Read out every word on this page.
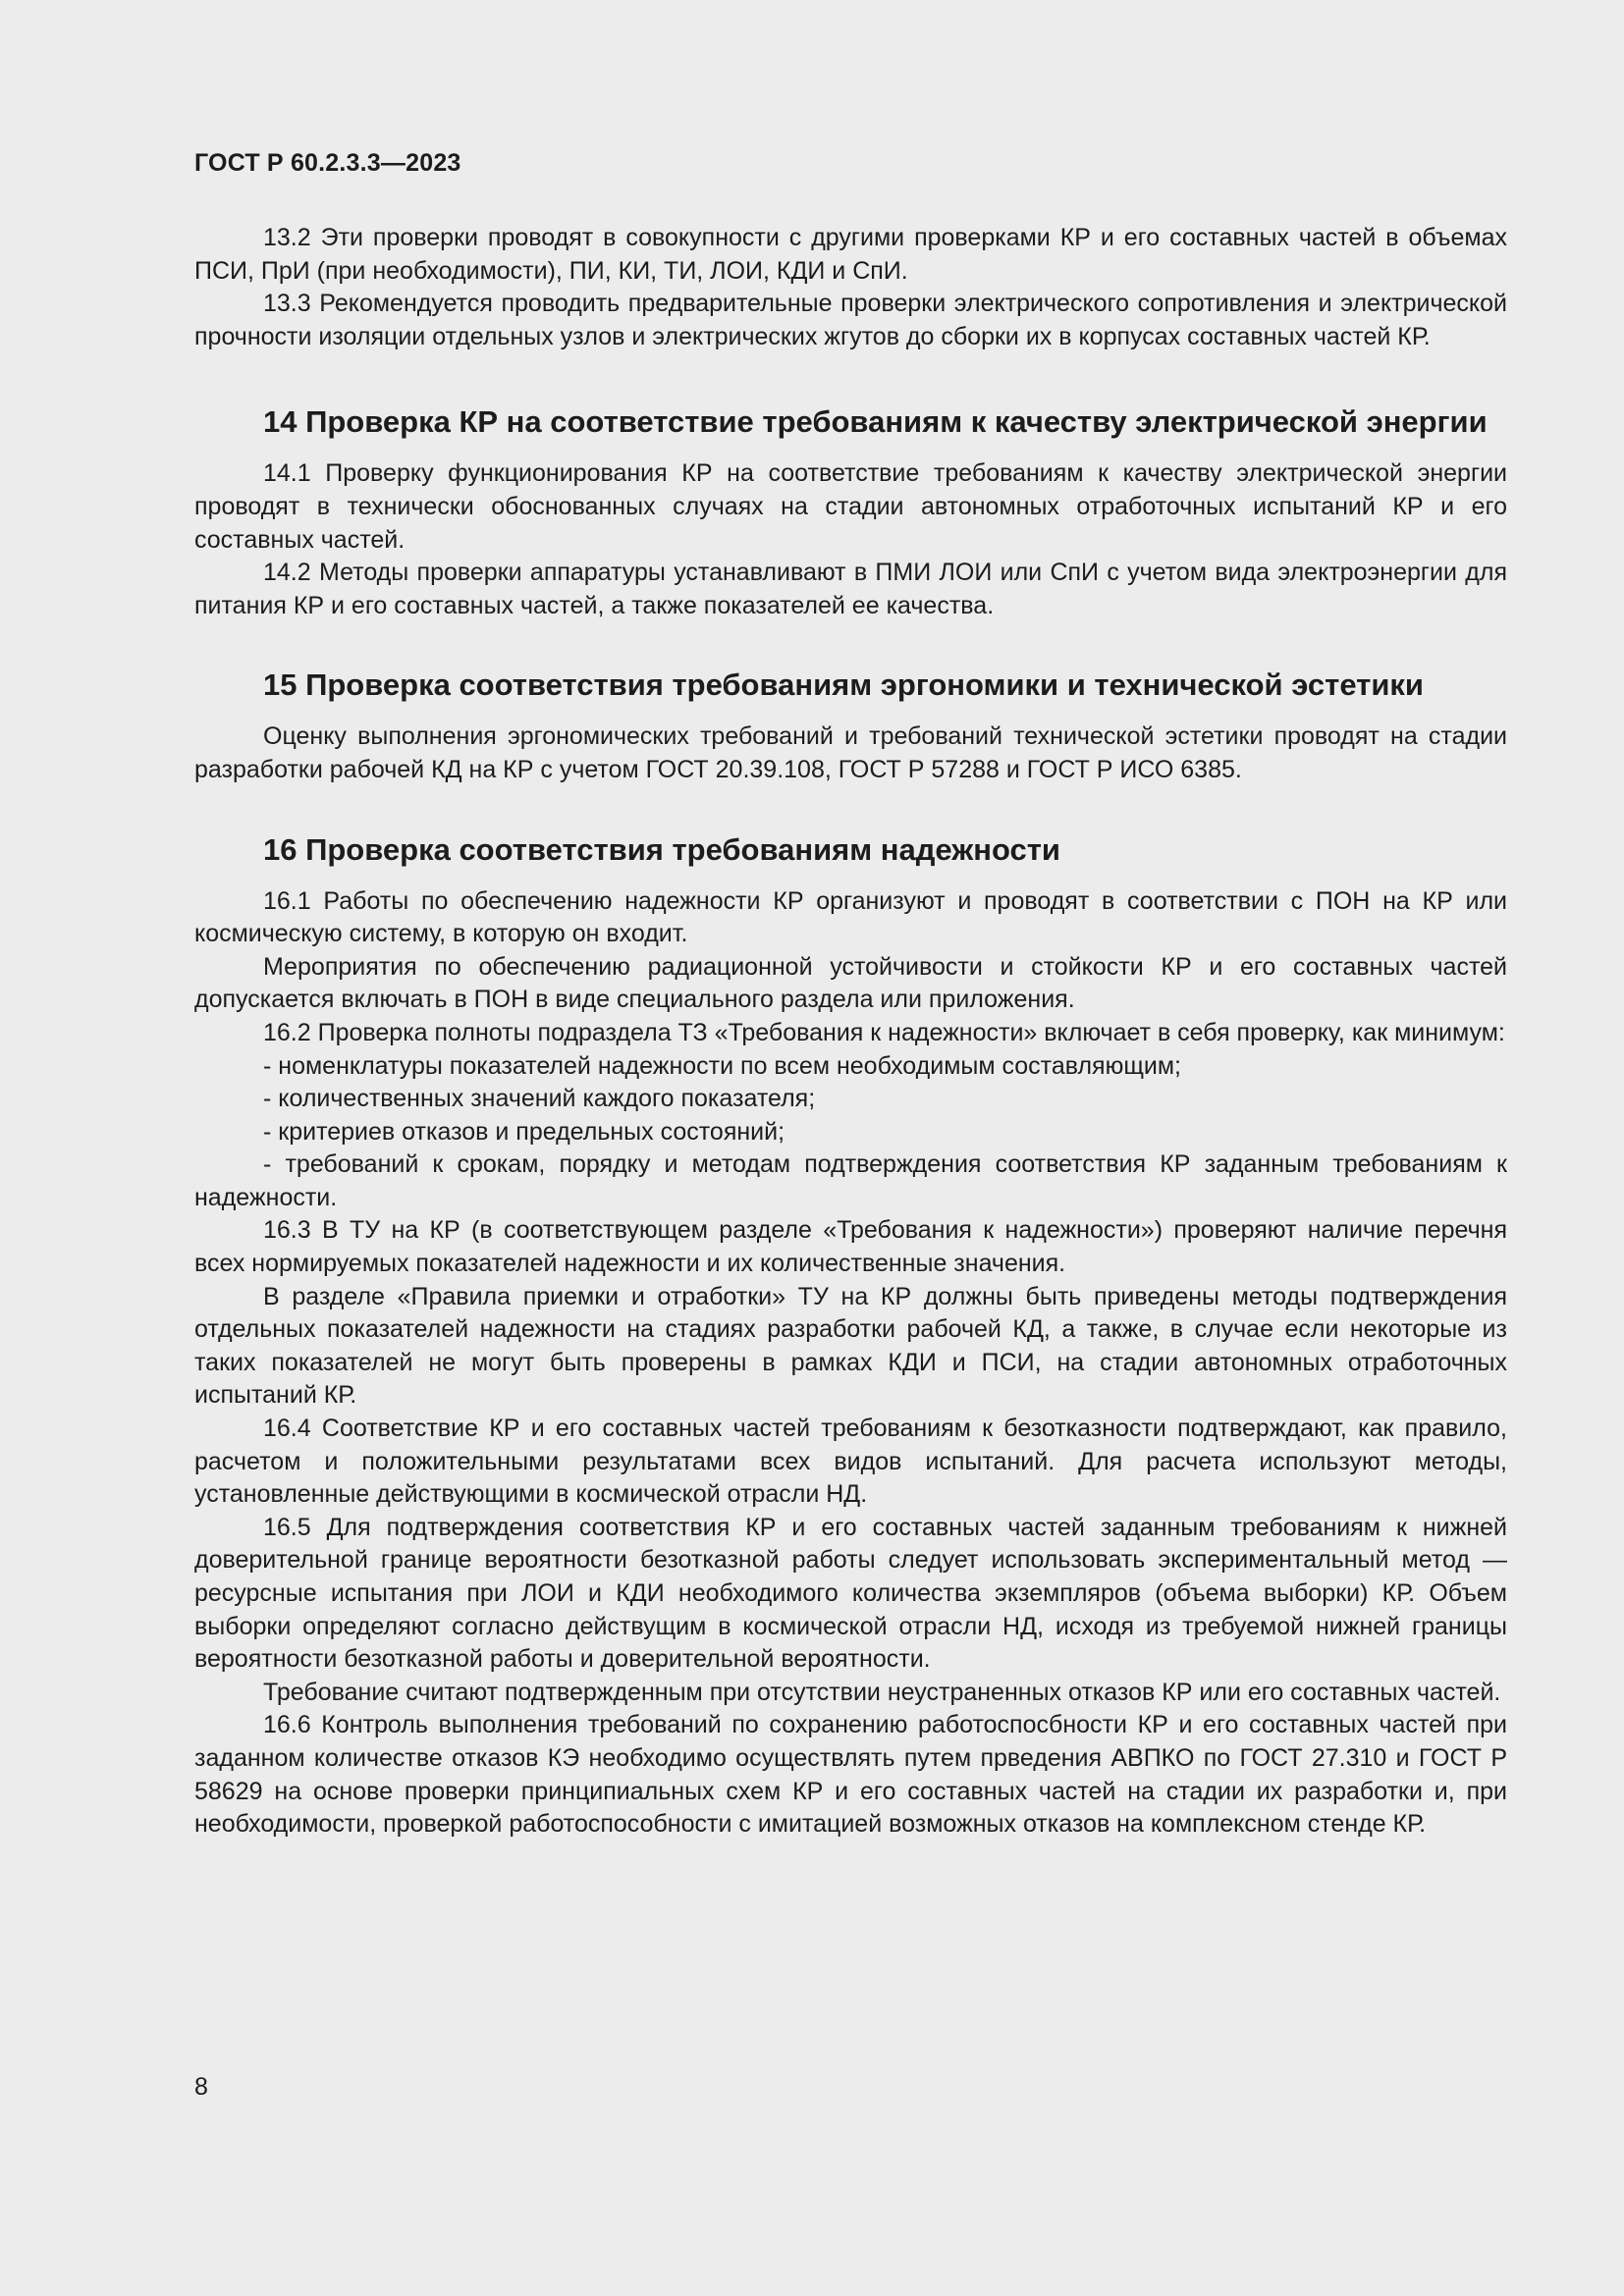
ГОСТ Р 60.2.3.3—2023

13.2 Эти проверки проводят в совокупности с другими проверками КР и его составных частей в объемах ПСИ, ПрИ (при необходимости), ПИ, КИ, ТИ, ЛОИ, КДИ и СпИ.

13.3 Рекомендуется проводить предварительные проверки электрического сопротивления и электрической прочности изоляции отдельных узлов и электрических жгутов до сборки их в корпусах составных частей КР.

14 Проверка КР на соответствие требованиям к качеству электрической энергии

14.1 Проверку функционирования КР на соответствие требованиям к качеству электрической энергии проводят в технически обоснованных случаях на стадии автономных отработочных испытаний КР и его составных частей.

14.2 Методы проверки аппаратуры устанавливают в ПМИ ЛОИ или СпИ с учетом вида электроэнергии для питания КР и его составных частей, а также показателей ее качества.

15 Проверка соответствия требованиям эргономики и технической эстетики

Оценку выполнения эргономических требований и требований технической эстетики проводят на стадии разработки рабочей КД на КР с учетом ГОСТ 20.39.108, ГОСТ Р 57288 и ГОСТ Р ИСО 6385.

16 Проверка соответствия требованиям надежности

16.1 Работы по обеспечению надежности КР организуют и проводят в соответствии с ПОН на КР или космическую систему, в которую он входит.

Мероприятия по обеспечению радиационной устойчивости и стойкости КР и его составных частей допускается включать в ПОН в виде специального раздела или приложения.

16.2 Проверка полноты подраздела ТЗ «Требования к надежности» включает в себя проверку, как минимум:

- номенклатуры показателей надежности по всем необходимым составляющим;

- количественных значений каждого показателя;

- критериев отказов и предельных состояний;

- требований к срокам, порядку и методам подтверждения соответствия КР заданным требованиям к надежности.

16.3 В ТУ на КР (в соответствующем разделе «Требования к надежности») проверяют наличие перечня всех нормируемых показателей надежности и их количественные значения.

В разделе «Правила приемки и отработки» ТУ на КР должны быть приведены методы подтверждения отдельных показателей надежности на стадиях разработки рабочей КД, а также, в случае если некоторые из таких показателей не могут быть проверены в рамках КДИ и ПСИ, на стадии автономных отработочных испытаний КР.

16.4 Соответствие КР и его составных частей требованиям к безотказности подтверждают, как правило, расчетом и положительными результатами всех видов испытаний. Для расчета используют методы, установленные действующими в космической отрасли НД.

16.5 Для подтверждения соответствия КР и его составных частей заданным требованиям к нижней доверительной границе вероятности безотказной работы следует использовать экспериментальный метод — ресурсные испытания при ЛОИ и КДИ необходимого количества экземпляров (объема выборки) КР. Объем выборки определяют согласно действущим в космической отрасли НД, исходя из требуемой нижней границы вероятности безотказной работы и доверительной вероятности.

Требование считают подтвержденным при отсутствии неустраненных отказов КР или его составных частей.

16.6 Контроль выполнения требований по сохранению работоспосбности КР и его составных частей при заданном количестве отказов КЭ необходимо осуществлять путем прведения АВПКО по ГОСТ 27.310 и ГОСТ Р 58629 на основе проверки принципиальных схем КР и его составных частей на стадии их разработки и, при необходимости, проверкой работоспособности с имитацией возможных отказов на комплексном стенде КР.

8
